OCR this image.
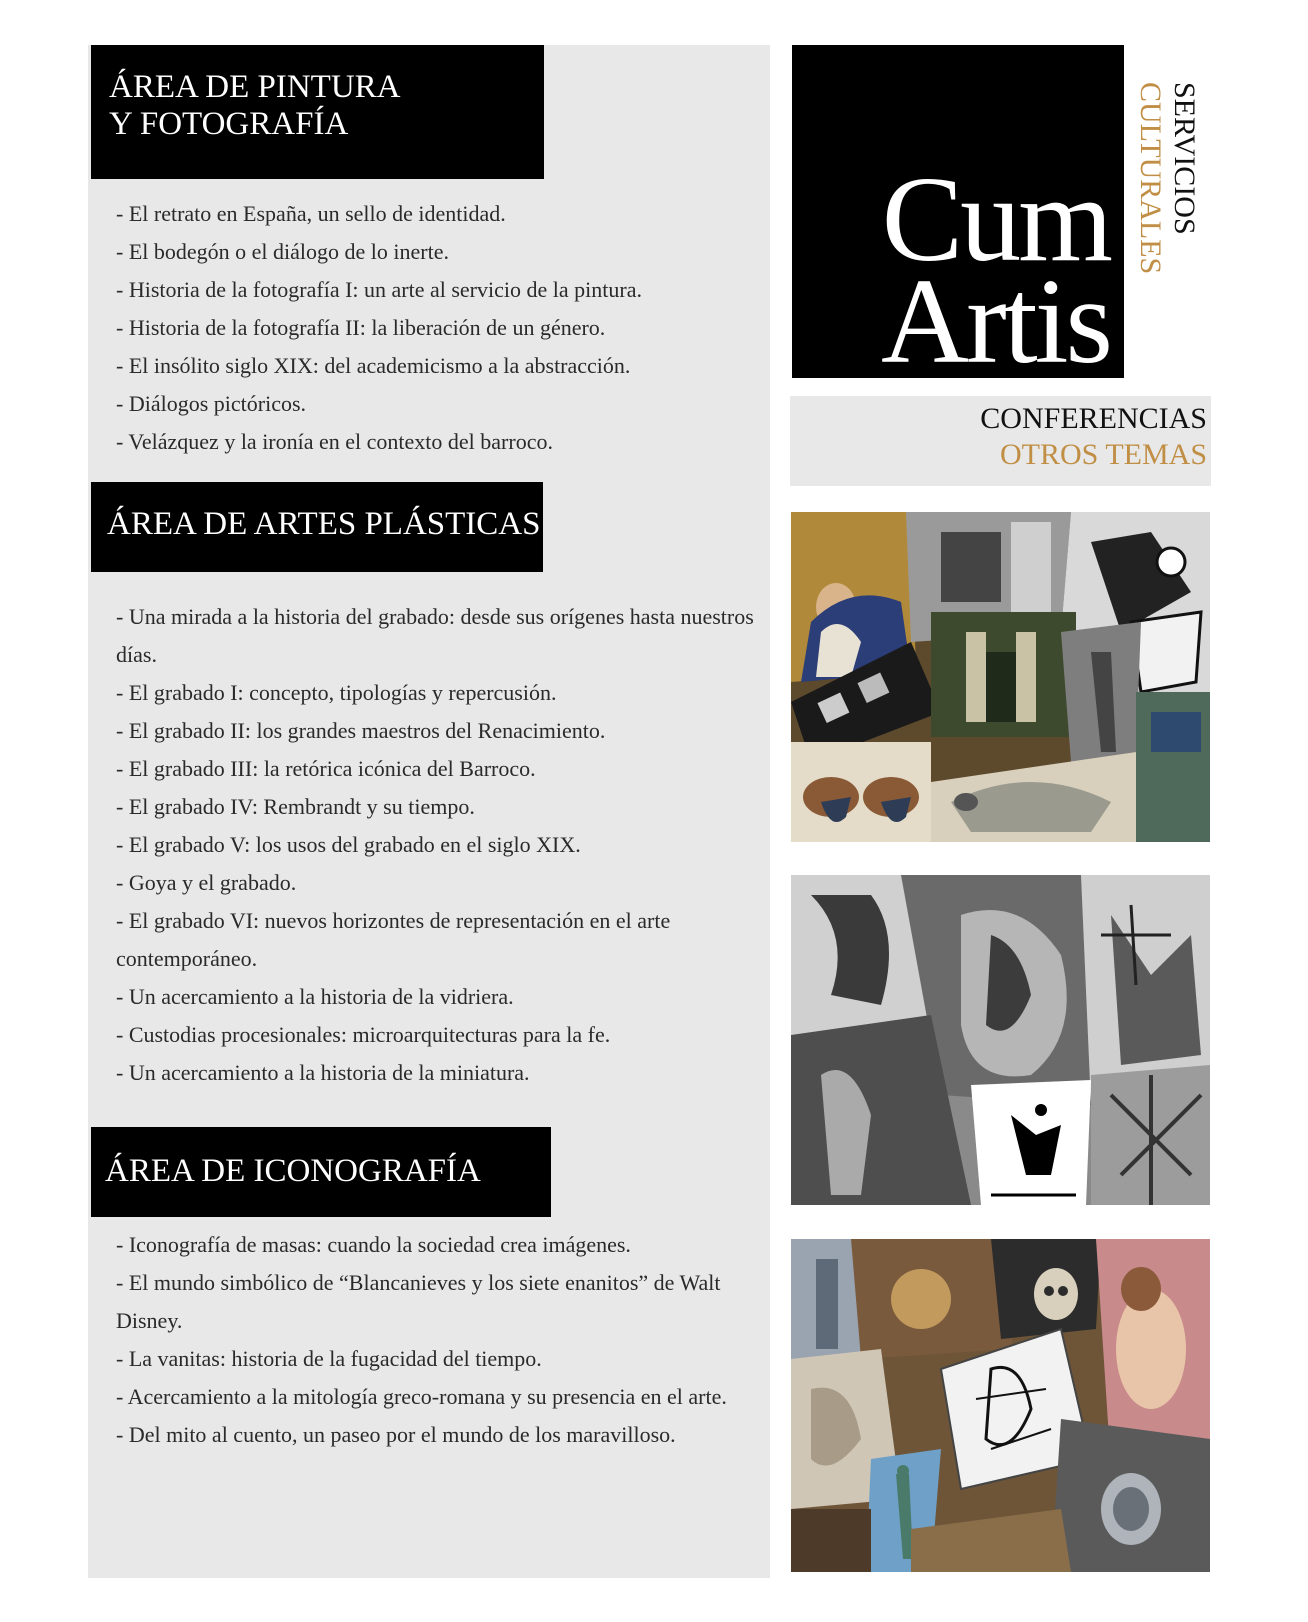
ÁREA DE PINTURA
Y FOTOGRAFÍA
- El retrato en España, un sello de identidad.
- El bodegón o el diálogo de lo inerte.
- Historia de la fotografía I: un arte al servicio de la pintura.
- Historia de la fotografía II: la liberación de un género.
- El insólito siglo XIX: del academicismo a la abstracción.
- Diálogos pictóricos.
- Velázquez y la ironía en el contexto del barroco.
ÁREA DE ARTES PLÁSTICAS
- Una mirada a la historia del grabado: desde sus orígenes hasta nuestros días.
- El grabado I: concepto, tipologías y repercusión.
- El grabado II: los grandes maestros del Renacimiento.
- El grabado III: la retórica icónica del Barroco.
- El grabado IV: Rembrandt y su tiempo.
- El grabado V: los usos del grabado en el siglo XIX.
- Goya y el grabado.
- El grabado VI: nuevos horizontes de representación en el arte contemporáneo.
- Un acercamiento a la historia de la vidriera.
- Custodias procesionales: microarquitecturas para la fe.
- Un acercamiento a la historia de la miniatura.
ÁREA DE ICONOGRAFÍA
- Iconografía de masas: cuando la sociedad crea imágenes.
- El mundo simbólico de “Blancanieves y los siete enanitos” de Walt Disney.
- La vanitas: historia de la fugacidad del tiempo.
- Acercamiento a la mitología greco-romana y su presencia en el arte.
- Del mito al cuento, un paseo por el mundo de los maravilloso.
Cum
Artis
SERVICIOS
CULTURALES
CONFERENCIAS
OTROS TEMAS
